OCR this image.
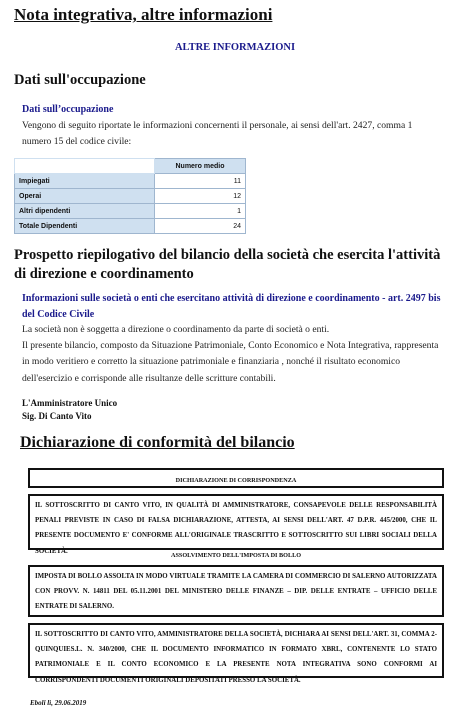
Nota integrativa, altre informazioni
ALTRE INFORMAZIONI
Dati sull'occupazione
Dati sull’occupazione
Vengono di seguito riportate le informazioni concernenti il personale, ai sensi dell'art. 2427, comma 1 numero 15 del codice civile:
	Numero medio
Impiegati	11
Operai	12
Altri dipendenti	1
Totale Dipendenti	24
Prospetto riepilogativo del bilancio della società che esercita l'attività di direzione e coordinamento
Informazioni sulle società o enti che esercitano attività di direzione e coordinamento - art. 2497 bis del Codice Civile
La società non è soggetta a direzione o coordinamento da parte di società o enti.
Il presente bilancio, composto da Situazione Patrimoniale, Conto Economico e Nota Integrativa, rappresenta in modo veritiero e corretto la situazione patrimoniale e finanziaria , nonché il risultato economico dell'esercizio e corrisponde alle risultanze delle scritture contabili.
L'Amministratore Unico
Sig. Di Canto Vito
Dichiarazione di conformità del bilancio
DICHIARAZIONE DI CORRISPONDENZA
IL SOTTOSCRITTO DI CANTO VITO, IN QUALITÀ DI AMMINISTRATORE, CONSAPEVOLE DELLE RESPONSABILITÀ PENALI PREVISTE IN CASO DI FALSA DICHIARAZIONE, ATTESTA, AI SENSI DELL'ART. 47 D.P.R. 445/2000, CHE IL PRESENTE DOCUMENTO E' CONFORME ALL'ORIGINALE TRASCRITTO E SOTTOSCRITTO SUI LIBRI SOCIALI DELLA SOCIETÀ.
ASSOLVIMENTO DELL'IMPOSTA DI BOLLO
IMPOSTA DI BOLLO ASSOLTA IN MODO VIRTUALE TRAMITE LA CAMERA DI COMMERCIO DI SALERNO AUTORIZZATA CON PROVV. N. 14811 DEL 05.11.2001 DEL MINISTERO DELLE FINANZE – DIP. DELLE ENTRATE – UFFICIO DELLE ENTRATE DI SALERNO.
IL SOTTOSCRITTO DI CANTO VITO, AMMINISTRATORE DELLA SOCIETÀ, DICHIARA AI SENSI DELL'ART. 31, COMMA 2-QUINQUIES.L. N. 340/2000, CHE IL DOCUMENTO INFORMATICO IN FORMATO XBRL, CONTENENTE LO STATO PATRIMONIALE E IL CONTO ECONOMICO E LA PRESENTE NOTA INTEGRATIVA SONO CONFORMI AI CORRISPONDENTI DOCUMENTI ORIGINALI DEPOSITATI PRESSO LA SOCIETÀ.
Eboli lì, 29.06.2019
